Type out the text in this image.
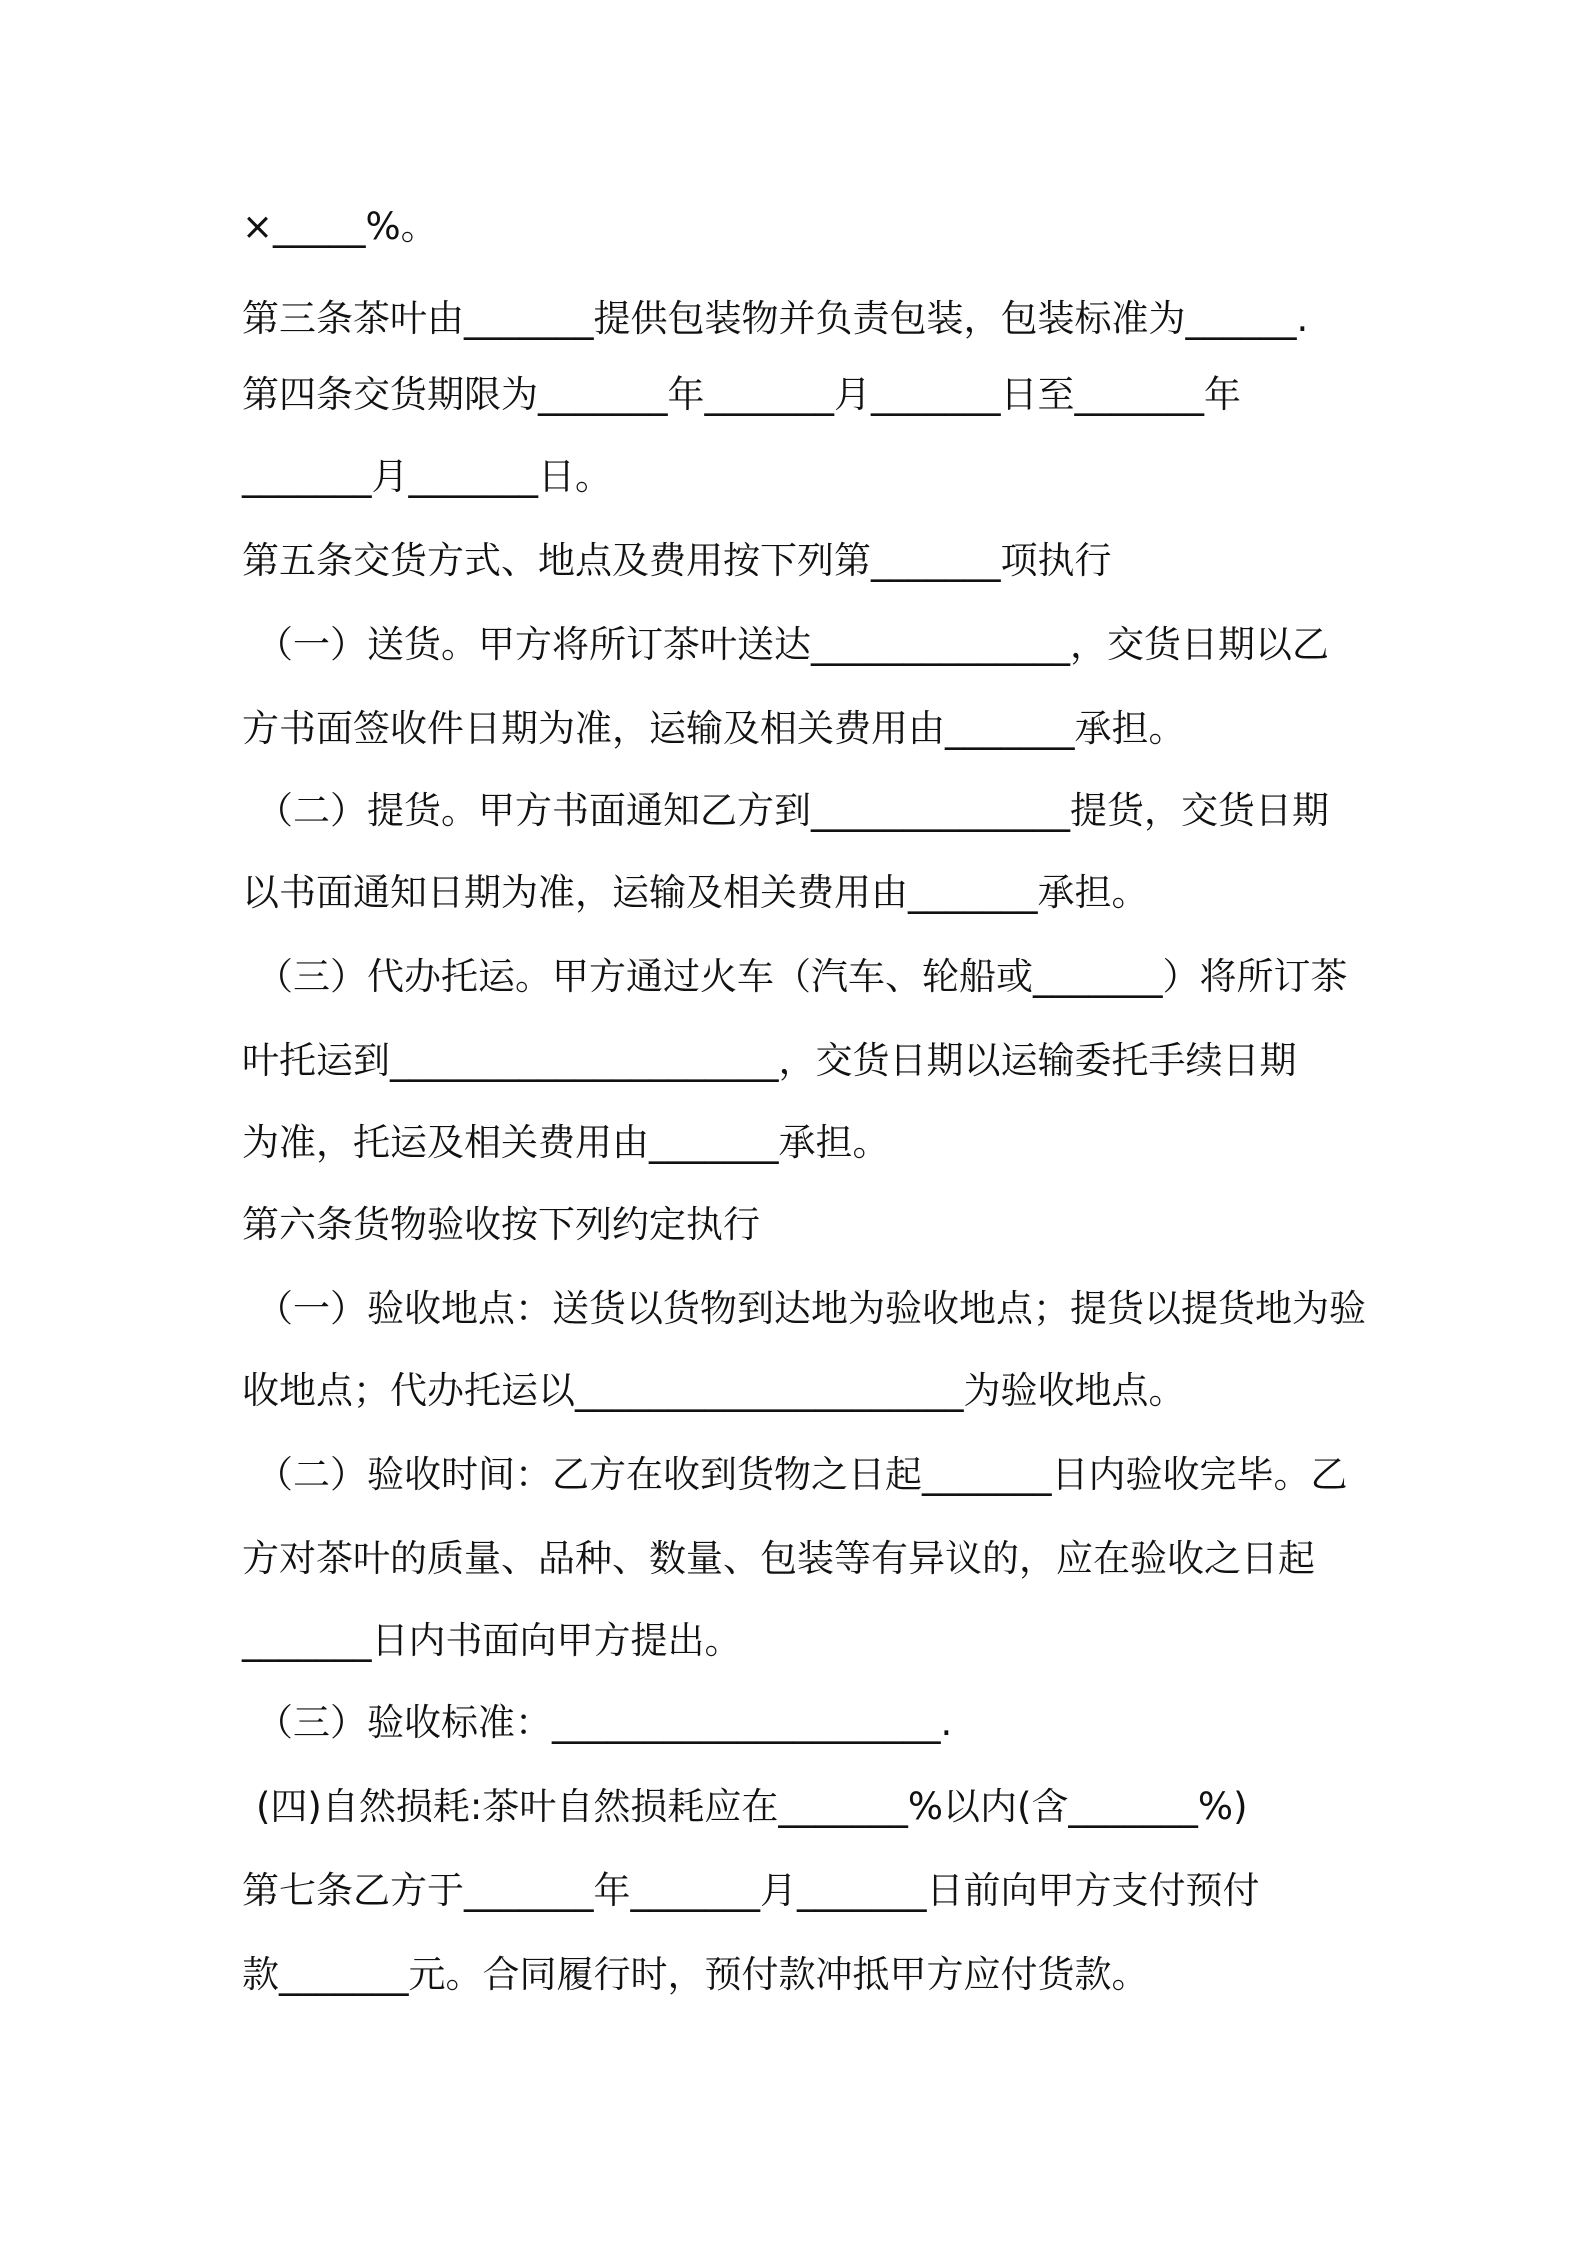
×_____%。
第三条茶叶由_______提供包装物并负责包装，包装标准为______.
第四条交货期限为_______年_______月_______日至_______年
_______月_______日。
第五条交货方式、地点及费用按下列第_______项执行
（一）送货。甲方将所订茶叶送达______________，交货日期以乙
方书面签收件日期为准，运输及相关费用由_______承担。
（二）提货。甲方书面通知乙方到______________提货，交货日期
以书面通知日期为准，运输及相关费用由_______承担。
（三）代办托运。甲方通过火车（汽车、轮船或_______）将所订茶
叶托运到_____________________，交货日期以运输委托手续日期
为准，托运及相关费用由_______承担。
第六条货物验收按下列约定执行
（一）验收地点：送货以货物到达地为验收地点；提货以提货地为验
收地点；代办托运以_____________________为验收地点。
（二）验收时间：乙方在收到货物之日起_______日内验收完毕。乙
方对茶叶的质量、品种、数量、包装等有异议的，应在验收之日起
_______日内书面向甲方提出。
（三）验收标准：_____________________.
(四)自然损耗:茶叶自然损耗应在_______%以内(含_______%)
第七条乙方于_______年_______月_______日前向甲方支付预付
款_______元。合同履行时，预付款冲抵甲方应付货款。
